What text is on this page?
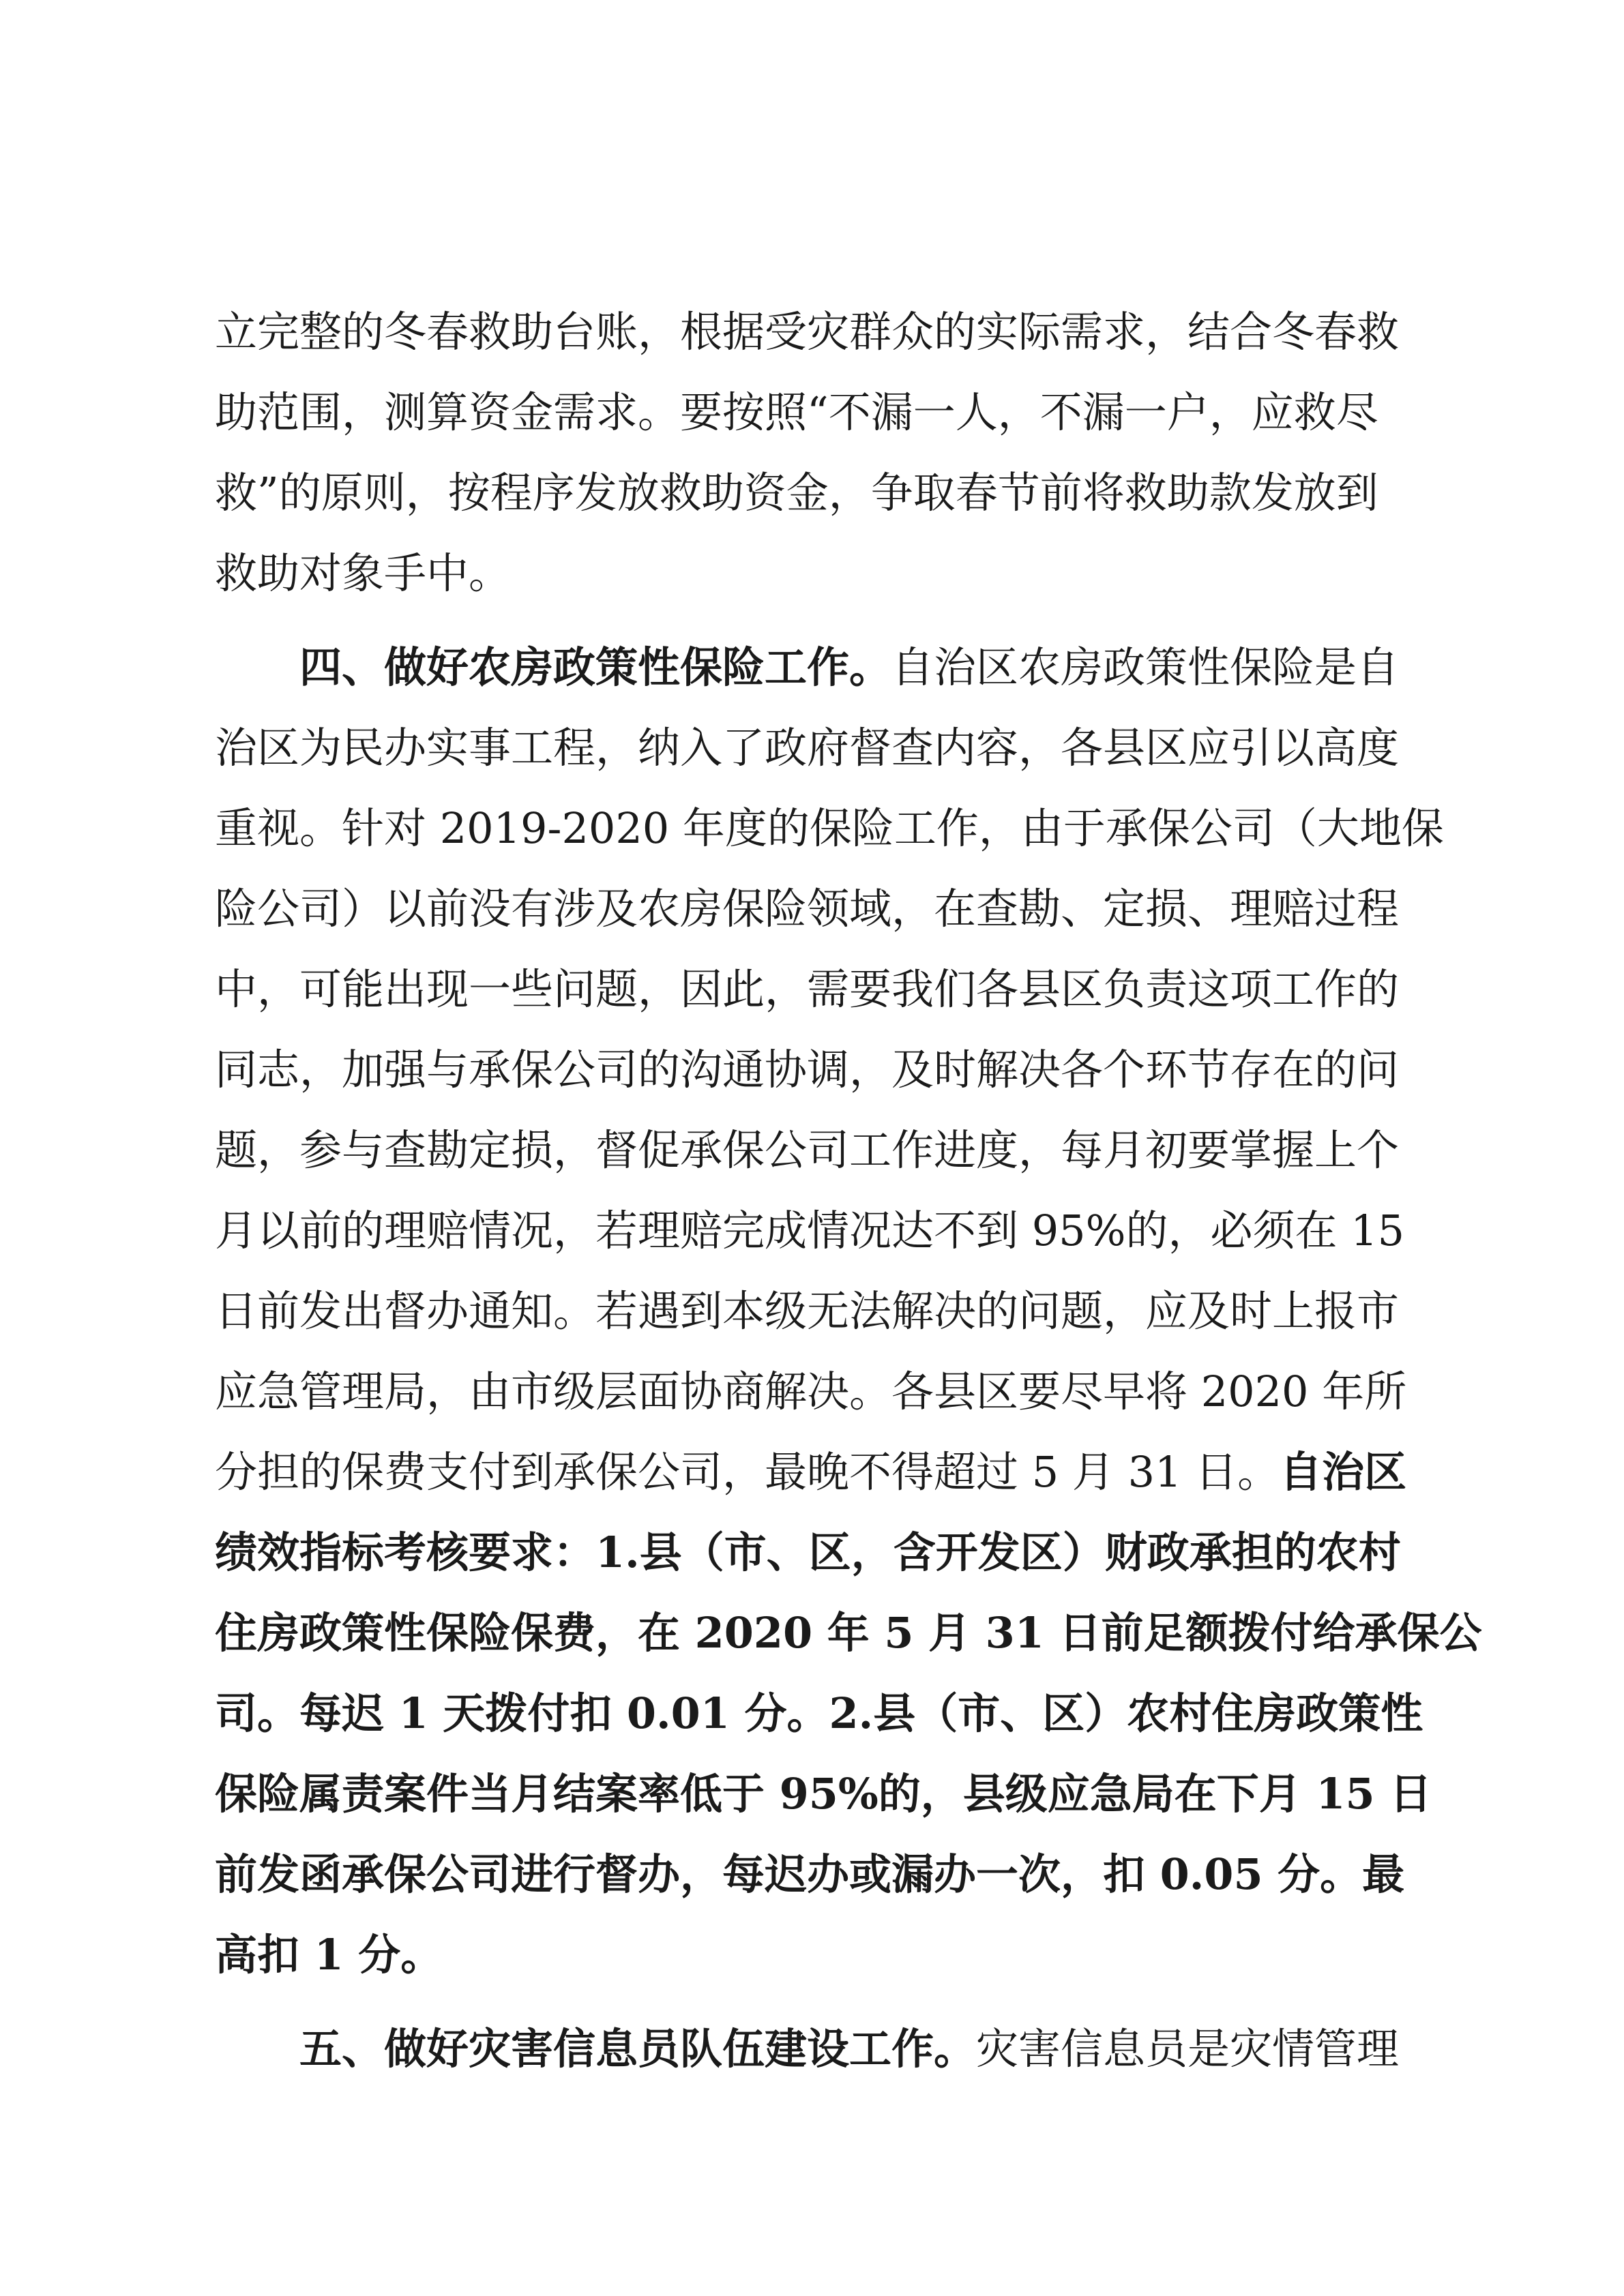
立完整的冬春救助台账，根据受灾群众的实际需求，结合冬春救
助范围，测算资金需求。要按照“不漏一人，不漏一户，应救尽
救”的原则，按程序发放救助资金，争取春节前将救助款发放到
救助对象手中。
四、做好农房政策性保险工作。自治区农房政策性保险是自
治区为民办实事工程，纳入了政府督查内容，各县区应引以高度
重视。针对 2019-2020 年度的保险工作，由于承保公司（大地保
险公司）以前没有涉及农房保险领域，在查勘、定损、理赔过程
中，可能出现一些问题，因此，需要我们各县区负责这项工作的
同志，加强与承保公司的沟通协调，及时解决各个环节存在的问
题，参与查勘定损，督促承保公司工作进度，每月初要掌握上个
月以前的理赔情况，若理赔完成情况达不到 95%的，必须在 15
日前发出督办通知。若遇到本级无法解决的问题，应及时上报市
应急管理局，由市级层面协商解决。各县区要尽早将 2020 年所
分担的保费支付到承保公司，最晚不得超过 5 月 31 日。自治区
绩效指标考核要求：1.县（市、区，含开发区）财政承担的农村
住房政策性保险保费，在 2020 年 5 月 31 日前足额拨付给承保公
司。每迟 1 天拨付扣 0.01 分。2.县（市、区）农村住房政策性
保险属责案件当月结案率低于 95%的，县级应急局在下月 15 日
前发函承保公司进行督办，每迟办或漏办一次，扣 0.05 分。最
高扣 1 分。
五、做好灾害信息员队伍建设工作。灾害信息员是灾情管理
